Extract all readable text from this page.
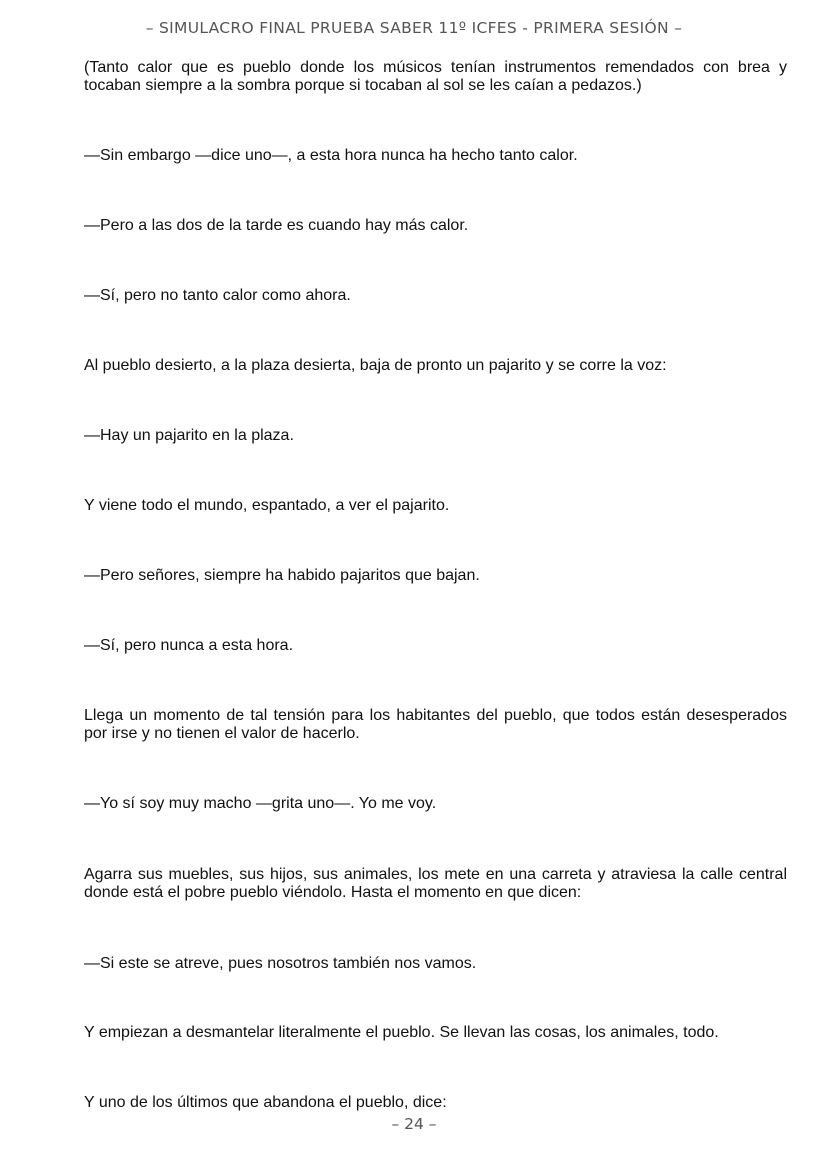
– SIMULACRO FINAL PRUEBA SABER 11º ICFES - PRIMERA SESIÓN –

(Tanto calor que es pueblo donde los músicos tenían instrumentos remendados con brea y tocaban siempre a la sombra porque si tocaban al sol se les caían a pedazos.)

—Sin embargo —dice uno—, a esta hora nunca ha hecho tanto calor.

—Pero a las dos de la tarde es cuando hay más calor.

—Sí, pero no tanto calor como ahora.

Al pueblo desierto, a la plaza desierta, baja de pronto un pajarito y se corre la voz:

—Hay un pajarito en la plaza.

Y viene todo el mundo, espantado, a ver el pajarito.

—Pero señores, siempre ha habido pajaritos que bajan.

—Sí, pero nunca a esta hora.

Llega un momento de tal tensión para los habitantes del pueblo, que todos están desesperados por irse y no tienen el valor de hacerlo.

—Yo sí soy muy macho —grita uno—. Yo me voy.

Agarra sus muebles, sus hijos, sus animales, los mete en una carreta y atraviesa la calle central donde está el pobre pueblo viéndolo. Hasta el momento en que dicen:

—Si este se atreve, pues nosotros también nos vamos.

Y empiezan a desmantelar literalmente el pueblo. Se llevan las cosas, los animales, todo.

Y uno de los últimos que abandona el pueblo, dice:

– 24 –
